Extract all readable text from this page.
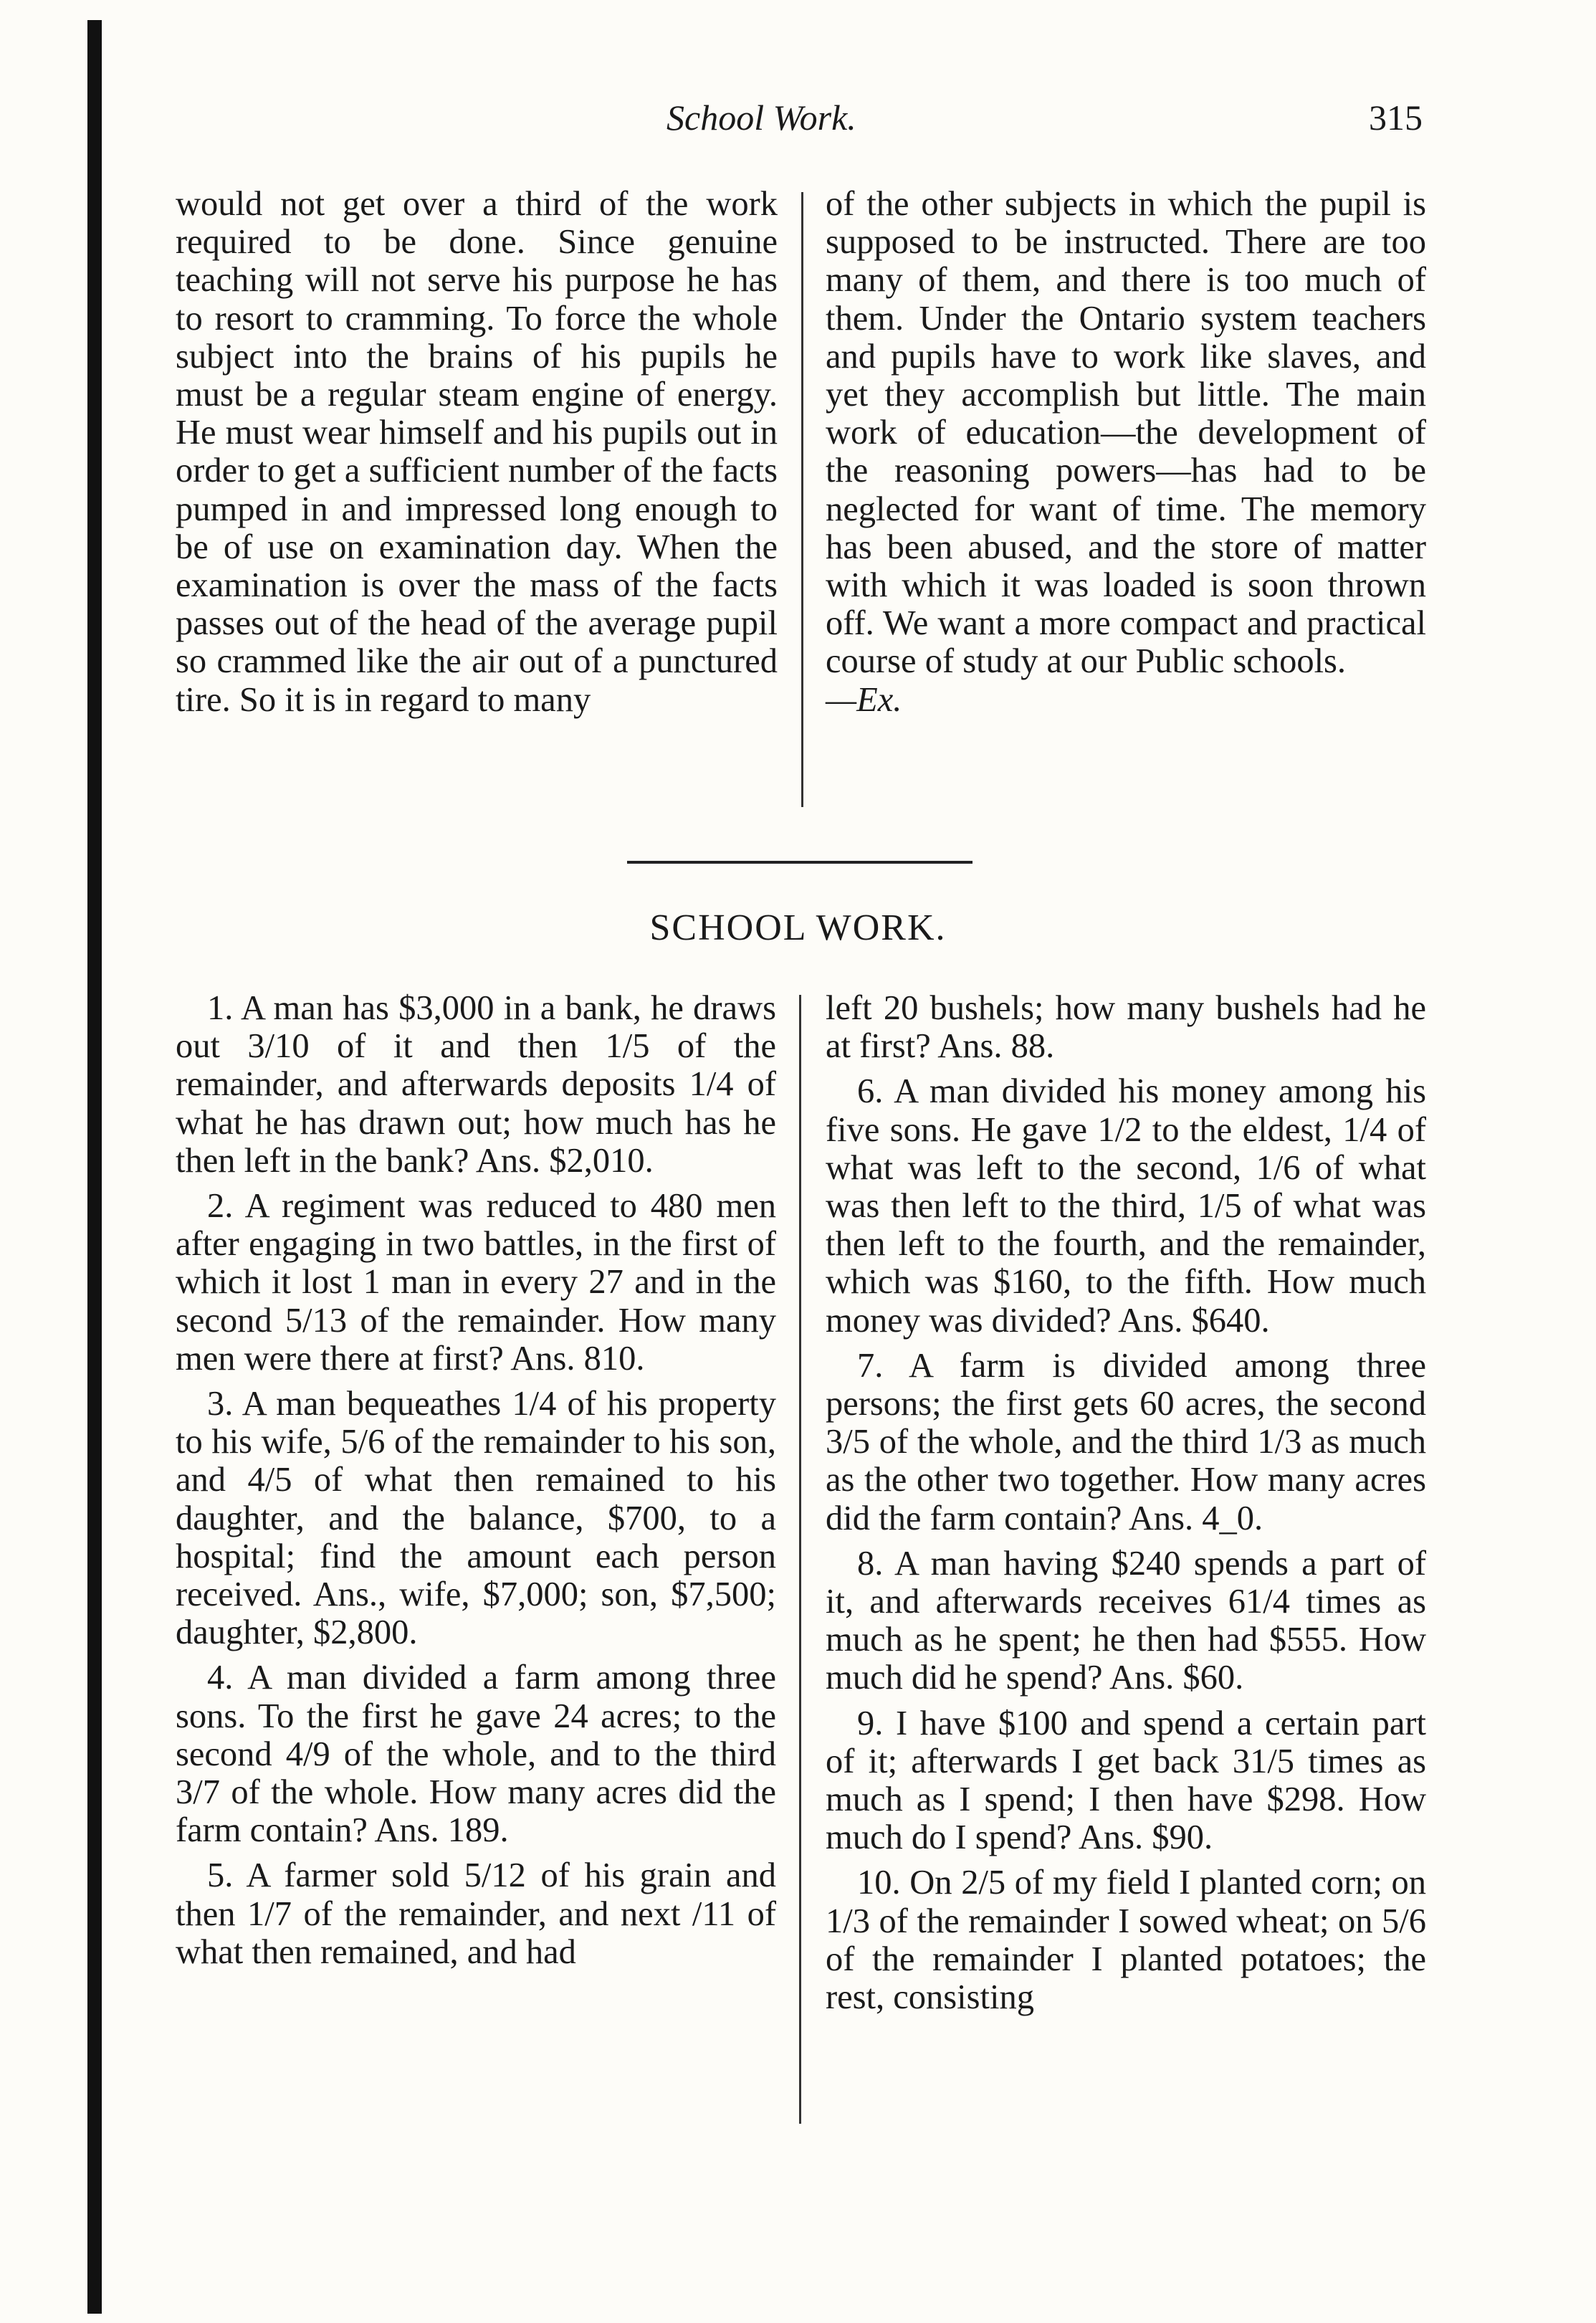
School Work.	315

would not get over a third of the work required to be done. Since genuine teaching will not serve his purpose he has to resort to cramming. To force the whole subject into the brains of his pupils he must be a regular steam engine of energy. He must wear himself and his pupils out in order to get a sufficient number of the facts pumped in and impressed long enough to be of use on examination day. When the examination is over the mass of the facts passes out of the head of the average pupil so crammed like the air out of a punctured tire. So it is in regard to many

of the other subjects in which the pupil is supposed to be instructed. There are too many of them, and there is too much of them. Under the Ontario system teachers and pupils have to work like slaves, and yet they accomplish but little. The main work of education—the development of the reasoning powers—has had to be neglected for want of time. The memory has been abused, and the store of matter with which it was loaded is soon thrown off. We want a more compact and practical course of study at our Public schools.

—Ex.

SCHOOL WORK.

1. A man has $3,000 in a bank, he draws out 3/10 of it and then 1/5 of the remainder, and afterwards deposits 1/4 of what he has drawn out; how much has he then left in the bank? Ans. $2,010.

2. A regiment was reduced to 480 men after engaging in two battles, in the first of which it lost 1 man in every 27 and in the second 5/13 of the remainder. How many men were there at first? Ans. 810.

3. A man bequeathes 1/4 of his property to his wife, 5/6 of the remainder to his son, and 4/5 of what then remained to his daughter, and the balance, $700, to a hospital; find the amount each person received. Ans., wife, $7,000; son, $7,500; daughter, $2,800.

4. A man divided a farm among three sons. To the first he gave 24 acres; to the second 4/9 of the whole, and to the third 3/7 of the whole. How many acres did the farm contain? Ans. 189.

5. A farmer sold 5/12 of his grain and then 1/7 of the remainder, and next /11 of what then remained, and had

left 20 bushels; how many bushels had he at first? Ans. 88.

6. A man divided his money among his five sons. He gave 1/2 to the eldest, 1/4 of what was left to the second, 1/6 of what was then left to the third, 1/5 of what was then left to the fourth, and the remainder, which was $160, to the fifth. How much money was divided? Ans. $640.

7. A farm is divided among three persons; the first gets 60 acres, the second 3/5 of the whole, and the third 1/3 as much as the other two together. How many acres did the farm contain? Ans. 4_0.

8. A man having $240 spends a part of it, and afterwards receives 61/4 times as much as he spent; he then had $555. How much did he spend? Ans. $60.

9. I have $100 and spend a certain part of it; afterwards I get back 31/5 times as much as I spend; I then have $298. How much do I spend? Ans. $90.

10. On 2/5 of my field I planted corn; on 1/3 of the remainder I sowed wheat; on 5/6 of the remainder I planted potatoes; the rest, consisting
